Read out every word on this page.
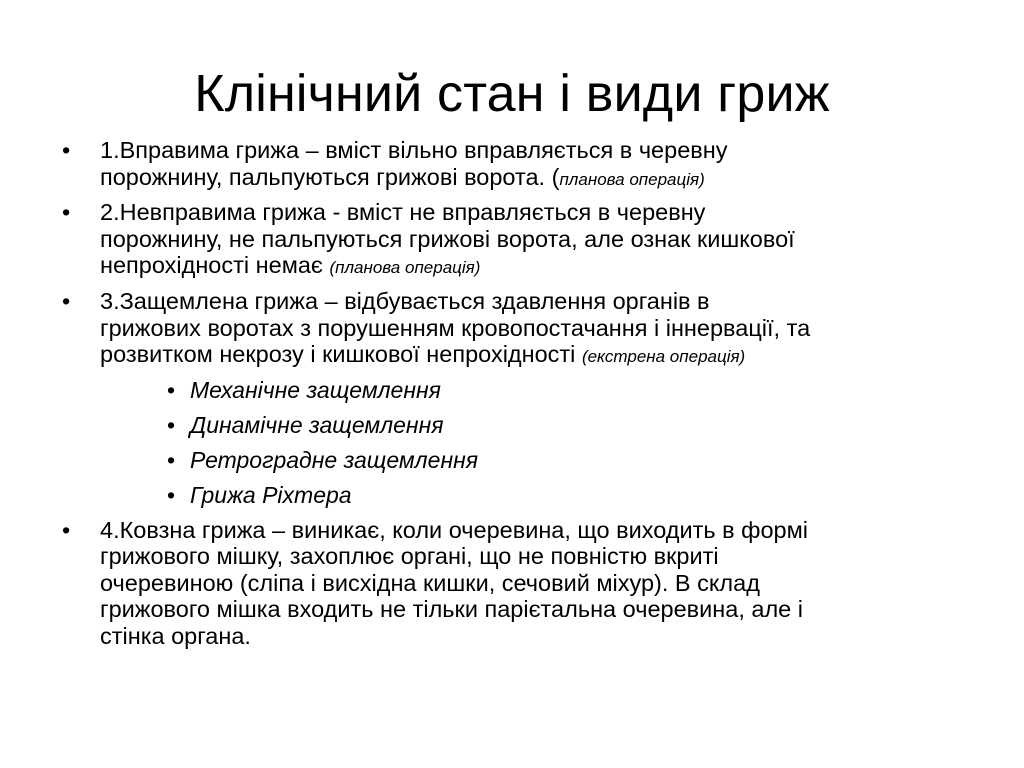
Клінічний стан і види гриж
• 1.Вправима грижа – вміст вільно вправляється в черевну
порожнину, пальпуються грижові ворота. (планова операція)
• 2.Невправима грижа - вміст не вправляється в черевну
порожнину, не пальпуються грижові ворота, але ознак кишкової
непрохідності немає (планова операція)
• 3.Защемлена грижа – відбувається здавлення органів в
грижових воротах з порушенням кровопостачання і іннервації, та
розвитком некрозу і кишкової непрохідності (екстрена операція)
• Механічне защемлення
• Динамічне защемлення
• Ретроградне защемлення
• Грижа Ріхтера
• 4.Ковзна грижа – виникає, коли очеревина, що виходить в формі
грижового мішку, захоплює органі, що не повністю вкриті
очеревиною (сліпа і висхідна кишки, сечовий міхур). В склад
грижового мішка входить не тільки парієтальна очеревина, але і
стінка органа.
